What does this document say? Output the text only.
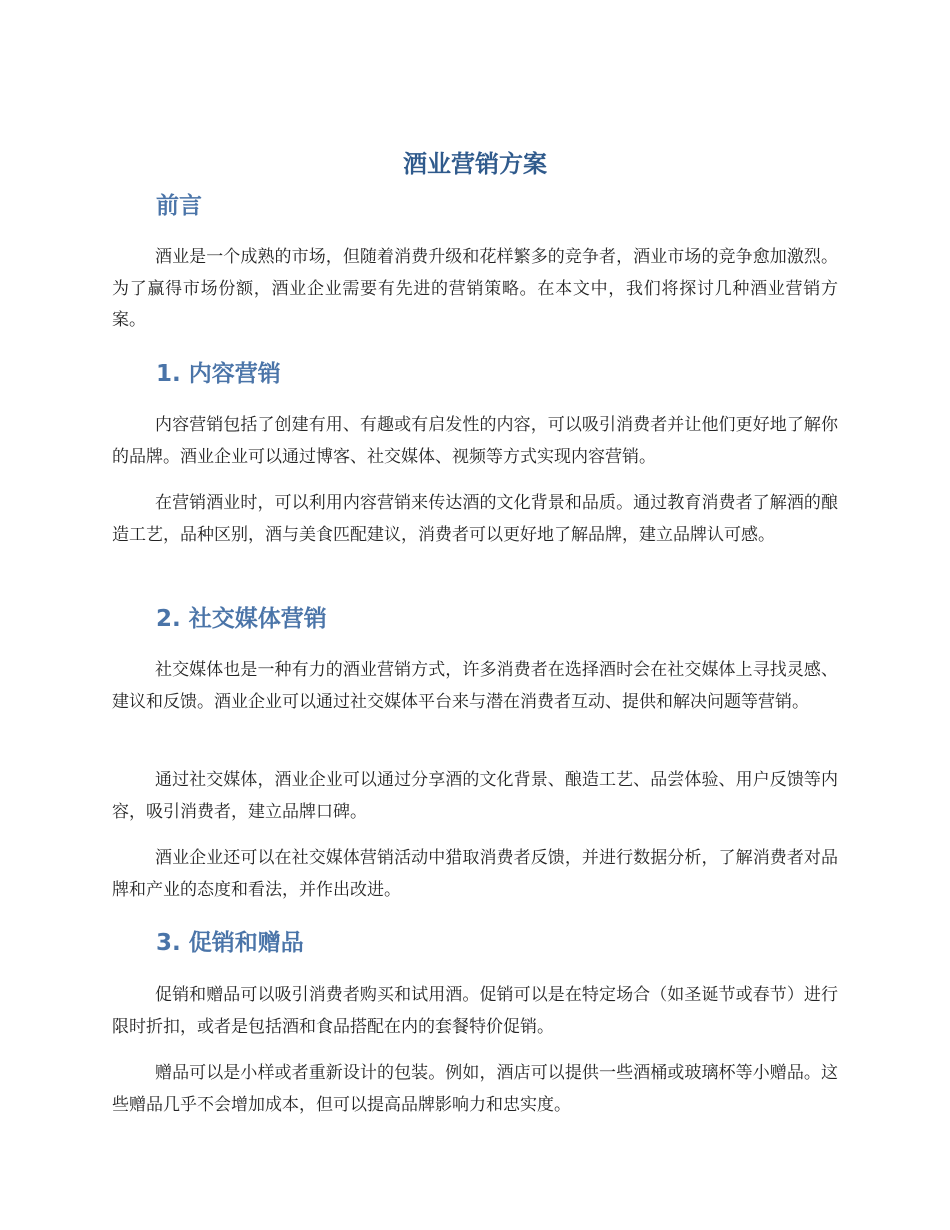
酒业营销方案
前言
酒业是一个成熟的市场，但随着消费升级和花样繁多的竞争者，酒业市场的竞争愈加激烈。为了赢得市场份额，酒业企业需要有先进的营销策略。在本文中，我们将探讨几种酒业营销方案。
1. 内容营销
内容营销包括了创建有用、有趣或有启发性的内容，可以吸引消费者并让他们更好地了解你的品牌。酒业企业可以通过博客、社交媒体、视频等方式实现内容营销。
在营销酒业时，可以利用内容营销来传达酒的文化背景和品质。通过教育消费者了解酒的酿造工艺，品种区别，酒与美食匹配建议，消费者可以更好地了解品牌，建立品牌认可感。
2. 社交媒体营销
社交媒体也是一种有力的酒业营销方式，许多消费者在选择酒时会在社交媒体上寻找灵感、建议和反馈。酒业企业可以通过社交媒体平台来与潜在消费者互动、提供和解决问题等营销。
通过社交媒体，酒业企业可以通过分享酒的文化背景、酿造工艺、品尝体验、用户反馈等内容，吸引消费者，建立品牌口碑。
酒业企业还可以在社交媒体营销活动中猎取消费者反馈，并进行数据分析，了解消费者对品牌和产业的态度和看法，并作出改进。
3. 促销和赠品
促销和赠品可以吸引消费者购买和试用酒。促销可以是在特定场合（如圣诞节或春节）进行限时折扣，或者是包括酒和食品搭配在内的套餐特价促销。
赠品可以是小样或者重新设计的包装。例如，酒店可以提供一些酒桶或玻璃杯等小赠品。这些赠品几乎不会增加成本，但可以提高品牌影响力和忠实度。
